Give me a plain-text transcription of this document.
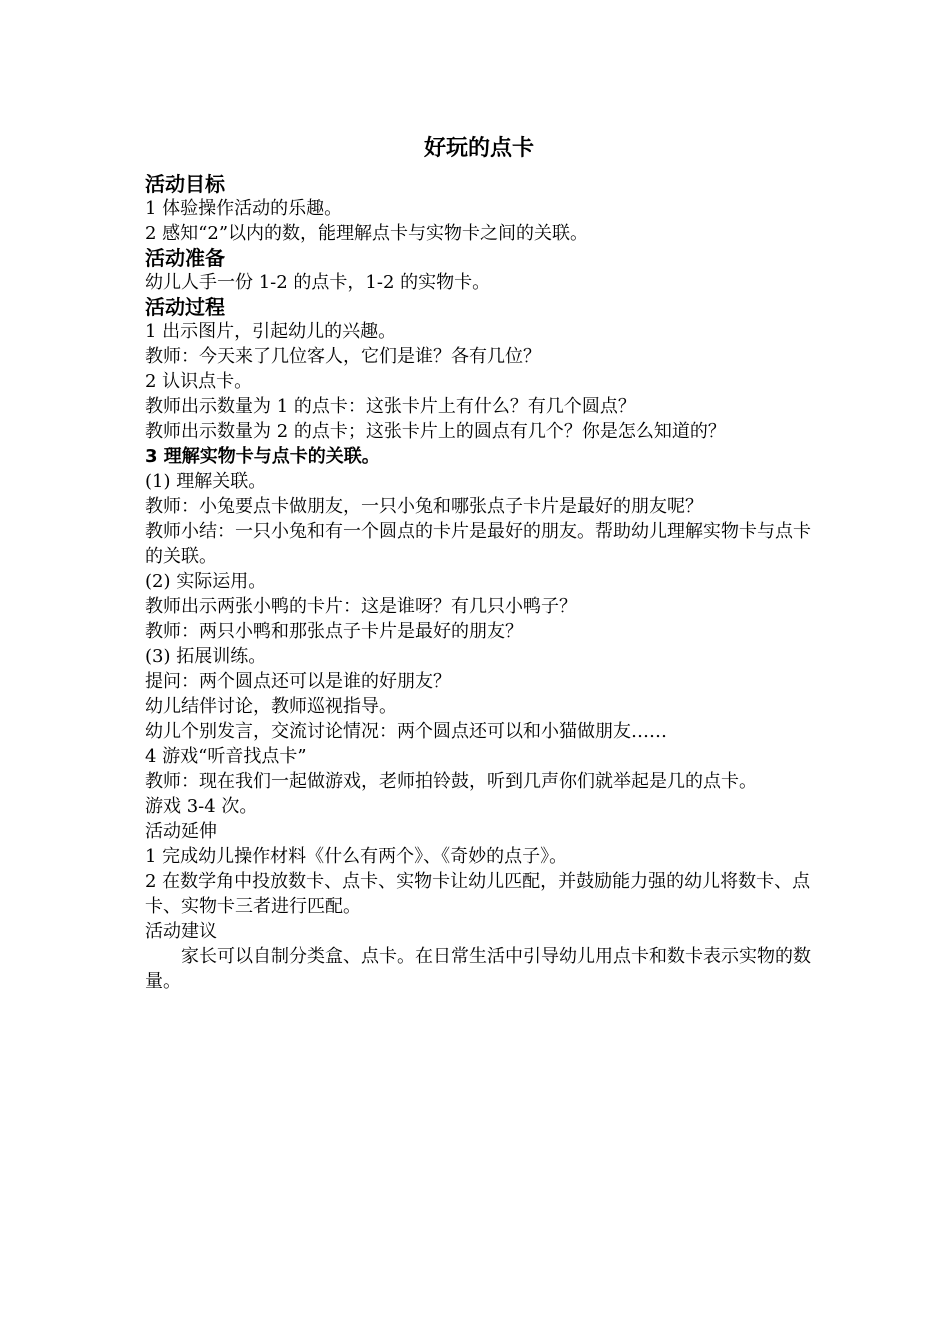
好玩的点卡

活动目标

1 体验操作活动的乐趣。

2 感知“2”以内的数，能理解点卡与实物卡之间的关联。

活动准备

幼儿人手一份 1-2 的点卡，1-2 的实物卡。

活动过程

1 出示图片，引起幼儿的兴趣。

教师：今天来了几位客人，它们是谁？各有几位？

2 认识点卡。

教师出示数量为 1 的点卡：这张卡片上有什么？有几个圆点？

教师出示数量为 2 的点卡；这张卡片上的圆点有几个？你是怎么知道的？

3 理解实物卡与点卡的关联。

(1) 理解关联。

教师：小兔要点卡做朋友，一只小兔和哪张点子卡片是最好的朋友呢？

教师小结：一只小兔和有一个圆点的卡片是最好的朋友。帮助幼儿理解实物卡与点卡的关联。

(2) 实际运用。

教师出示两张小鸭的卡片：这是谁呀？有几只小鸭子？

教师：两只小鸭和那张点子卡片是最好的朋友？

(3) 拓展训练。

提问：两个圆点还可以是谁的好朋友？

幼儿结伴讨论，教师巡视指导。

幼儿个别发言，交流讨论情况：两个圆点还可以和小猫做朋友……

4 游戏“听音找点卡”

教师：现在我们一起做游戏，老师拍铃鼓，听到几声你们就举起是几的点卡。

游戏 3-4 次。

活动延伸

1 完成幼儿操作材料《什么有两个》、《奇妙的点子》。

2 在数学角中投放数卡、点卡、实物卡让幼儿匹配，并鼓励能力强的幼儿将数卡、点卡、实物卡三者进行匹配。

活动建议

家长可以自制分类盒、点卡。在日常生活中引导幼儿用点卡和数卡表示实物的数量。
